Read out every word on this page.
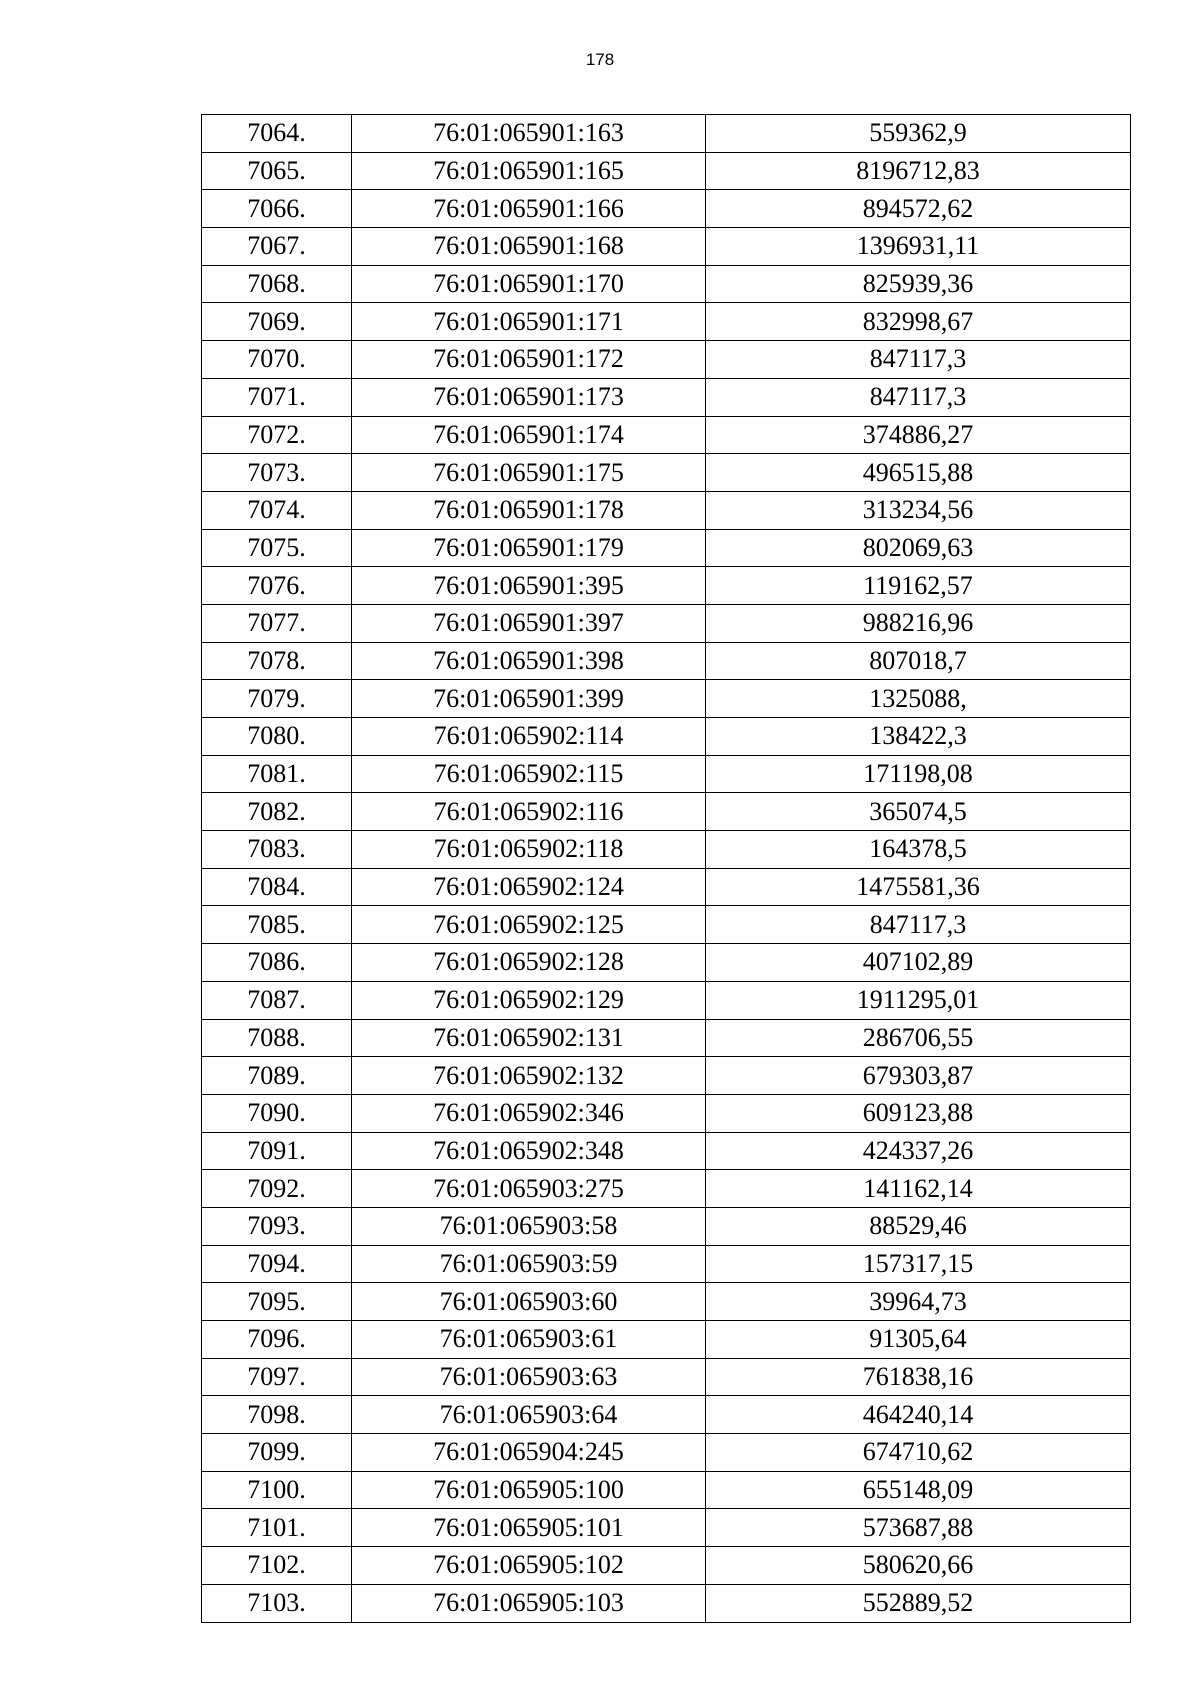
178
7064.	76:01:065901:163	559362,9
7065.	76:01:065901:165	8196712,83
7066.	76:01:065901:166	894572,62
7067.	76:01:065901:168	1396931,11
7068.	76:01:065901:170	825939,36
7069.	76:01:065901:171	832998,67
7070.	76:01:065901:172	847117,3
7071.	76:01:065901:173	847117,3
7072.	76:01:065901:174	374886,27
7073.	76:01:065901:175	496515,88
7074.	76:01:065901:178	313234,56
7075.	76:01:065901:179	802069,63
7076.	76:01:065901:395	119162,57
7077.	76:01:065901:397	988216,96
7078.	76:01:065901:398	807018,7
7079.	76:01:065901:399	1325088,
7080.	76:01:065902:114	138422,3
7081.	76:01:065902:115	171198,08
7082.	76:01:065902:116	365074,5
7083.	76:01:065902:118	164378,5
7084.	76:01:065902:124	1475581,36
7085.	76:01:065902:125	847117,3
7086.	76:01:065902:128	407102,89
7087.	76:01:065902:129	1911295,01
7088.	76:01:065902:131	286706,55
7089.	76:01:065902:132	679303,87
7090.	76:01:065902:346	609123,88
7091.	76:01:065902:348	424337,26
7092.	76:01:065903:275	141162,14
7093.	76:01:065903:58	88529,46
7094.	76:01:065903:59	157317,15
7095.	76:01:065903:60	39964,73
7096.	76:01:065903:61	91305,64
7097.	76:01:065903:63	761838,16
7098.	76:01:065903:64	464240,14
7099.	76:01:065904:245	674710,62
7100.	76:01:065905:100	655148,09
7101.	76:01:065905:101	573687,88
7102.	76:01:065905:102	580620,66
7103.	76:01:065905:103	552889,52
